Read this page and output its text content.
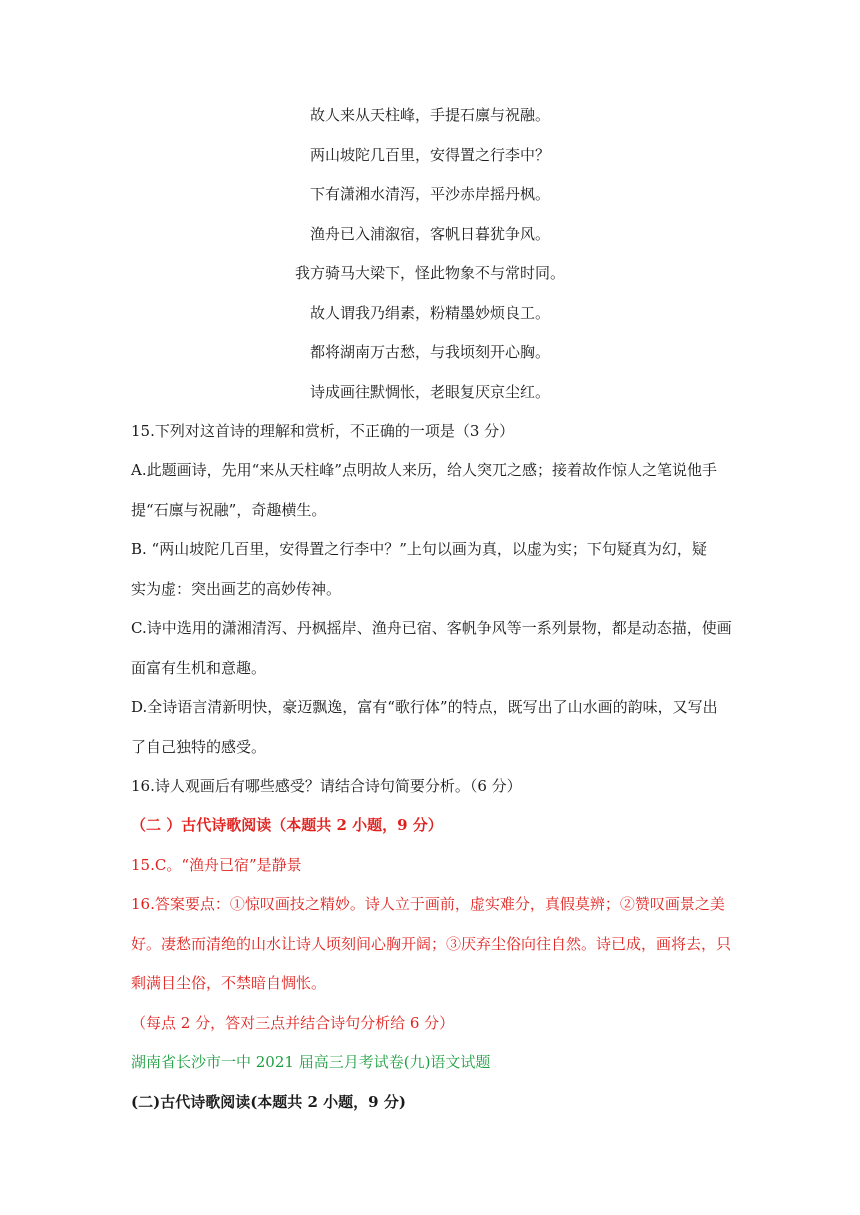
故人来从天柱峰，手提石廪与祝融。
两山坡陀几百里，安得置之行李中？
下有潇湘水清泻，平沙赤岸摇丹枫。
渔舟已入浦溆宿，客帆日暮犹争风。
我方骑马大梁下，怪此物象不与常时同。
故人谓我乃绢素，粉精墨妙烦良工。
都将湖南万古愁，与我顷刻开心胸。
诗成画往默惆怅，老眼复厌京尘红。
15.下列对这首诗的理解和赏析，不正确的一项是（3 分）
A.此题画诗，先用“来从天柱峰”点明故人来历，给人突兀之感；接着故作惊人之笔说他手
提“石廪与祝融”，奇趣横生。
B. “两山坡陀几百里，安得置之行李中？”上句以画为真，以虚为实；下句疑真为幻，疑
实为虚：突出画艺的高妙传神。
C.诗中选用的潇湘清泻、丹枫摇岸、渔舟已宿、客帆争风等一系列景物，都是动态描，使画
面富有生机和意趣。
D.全诗语言清新明快，豪迈飘逸，富有“歌行体”的特点，既写出了山水画的韵味，又写出
了自己独特的感受。
16.诗人观画后有哪些感受？请结合诗句简要分析。（6 分）
（二 ）古代诗歌阅读（本题共 2 小题，9 分）
15.C。“渔舟已宿”是静景
16.答案要点：①惊叹画技之精妙。诗人立于画前，虚实难分，真假莫辨；②赞叹画景之美
好。凄愁而清绝的山水让诗人顷刻间心胸开阔；③厌弃尘俗向往自然。诗已成，画将去，只
剩满目尘俗，不禁暗自惆怅。
（每点 2 分，答对三点并结合诗句分析给 6 分）
湖南省长沙市一中 2021 届高三月考试卷(九)语文试题
(二)古代诗歌阅读(本题共 2 小题，9 分)
